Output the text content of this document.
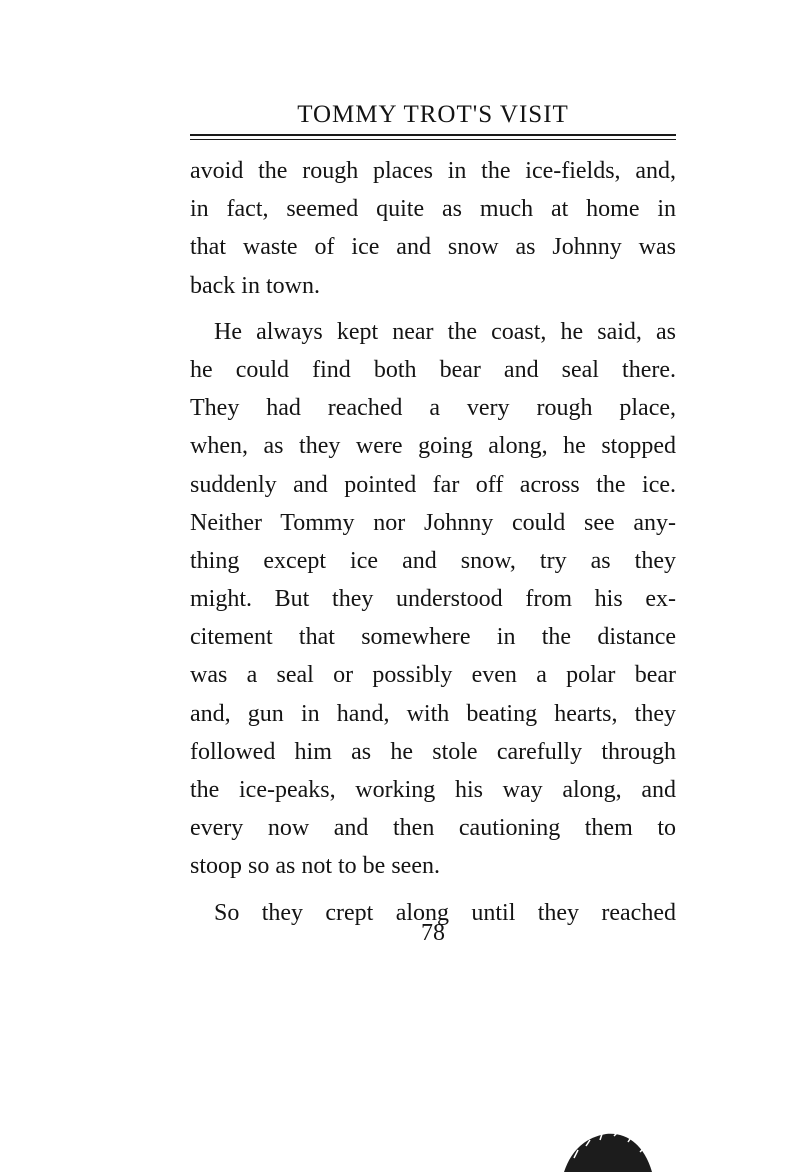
TOMMY TROT'S VISIT
avoid the rough places in the ice-fields, and,
in fact, seemed quite as much at home in
that waste of ice and snow as Johnny was
back in town.
He always kept near the coast, he said, as
he could find both bear and seal there.
They had reached a very rough place,
when, as they were going along, he stopped
suddenly and pointed far off across the ice.
Neither Tommy nor Johnny could see any-
thing except ice and snow, try as they
might. But they understood from his ex-
citement that somewhere in the distance
was a seal or possibly even a polar bear
and, gun in hand, with beating hearts, they
followed him as he stole carefully through
the ice-peaks, working his way along, and
every now and then cautioning them to
stoop so as not to be seen.
So they crept along until they reached
78
